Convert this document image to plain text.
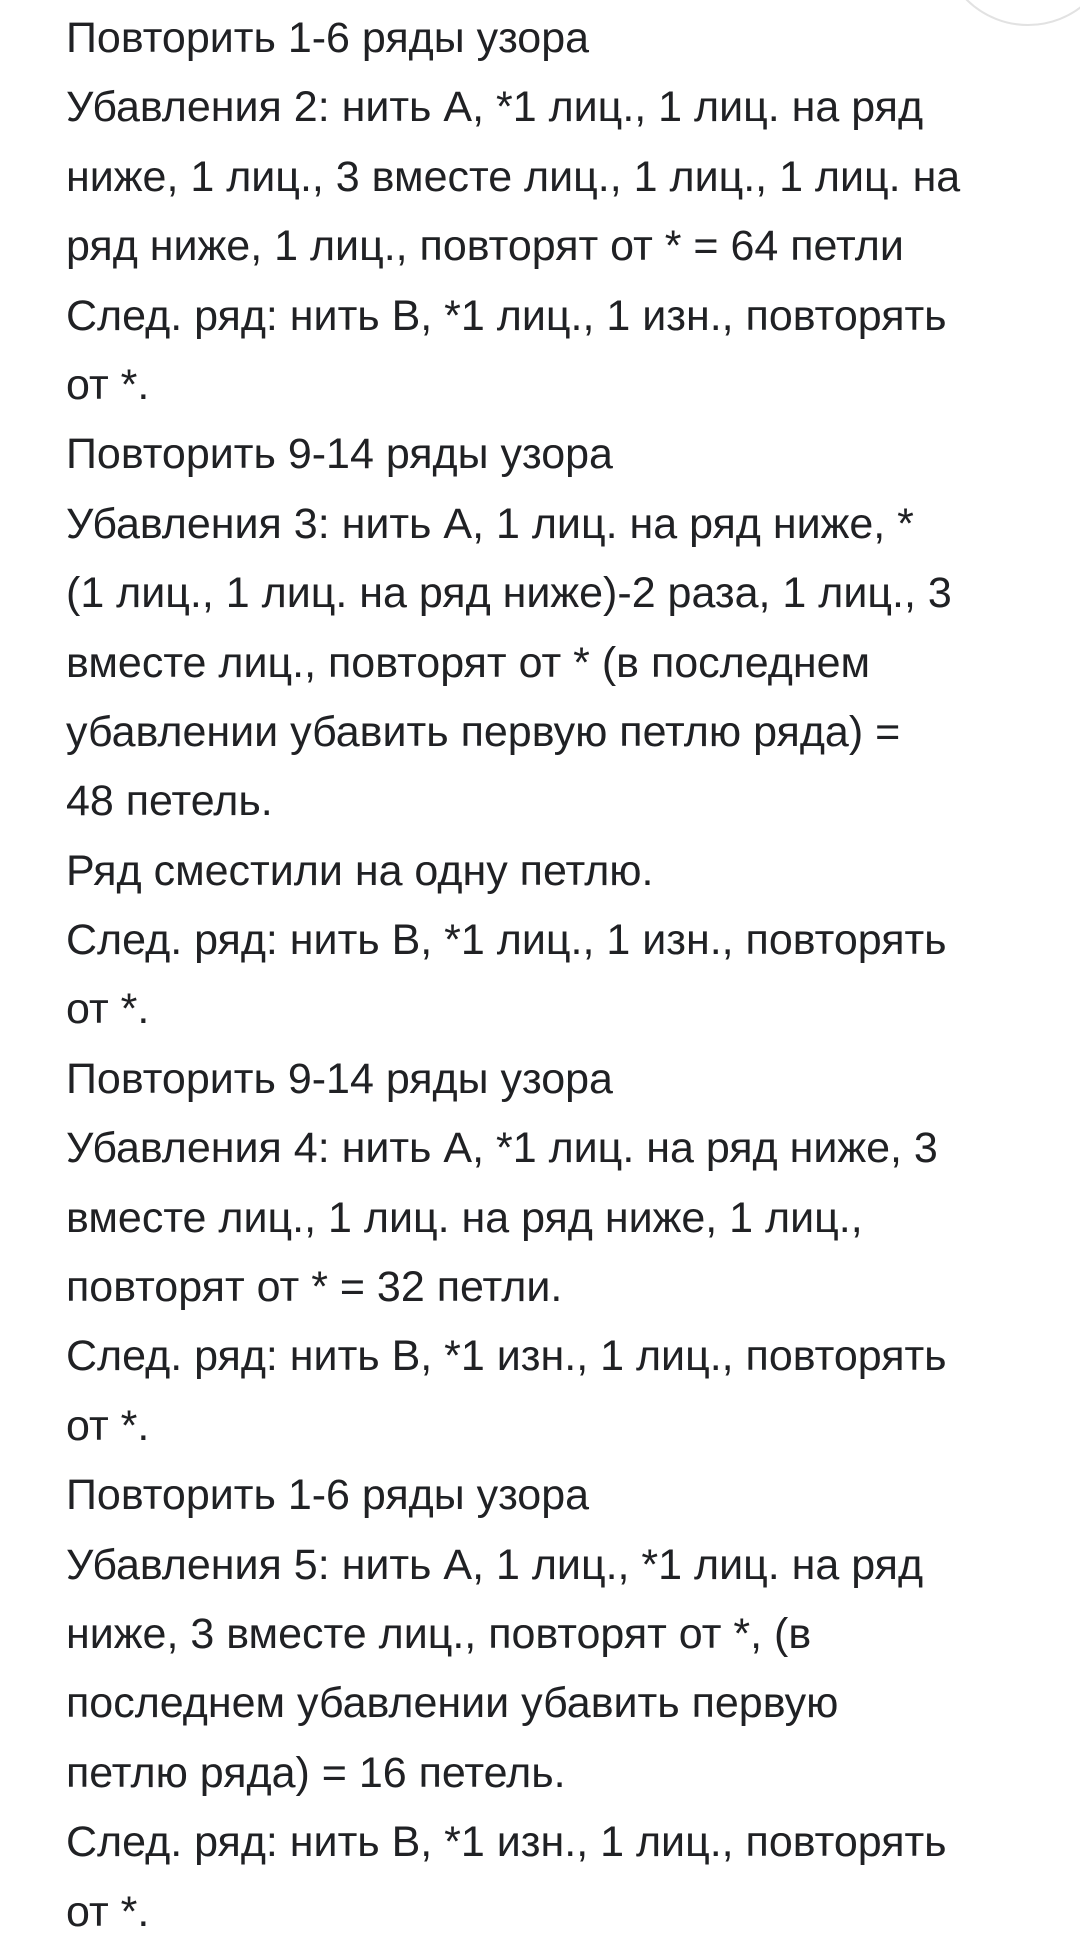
Повторить 1-6 ряды узора
Убавления 2: нить А, *1 лиц., 1 лиц. на ряд
ниже, 1 лиц., 3 вместе лиц., 1 лиц., 1 лиц. на
ряд ниже, 1 лиц., повторят от * = 64 петли
След. ряд: нить В, *1 лиц., 1 изн., повторять
от *.
Повторить 9-14 ряды узора
Убавления 3: нить А, 1 лиц. на ряд ниже, *
(1 лиц., 1 лиц. на ряд ниже)-2 раза, 1 лиц., 3
вместе лиц., повторят от * (в последнем
убавлении убавить первую петлю ряда) =
48 петель.
Ряд сместили на одну петлю.
След. ряд: нить В, *1 лиц., 1 изн., повторять
от *.
Повторить 9-14 ряды узора
Убавления 4: нить А, *1 лиц. на ряд ниже, 3
вместе лиц., 1 лиц. на ряд ниже, 1 лиц.,
повторят от * = 32 петли.
След. ряд: нить В, *1 изн., 1 лиц., повторять
от *.
Повторить 1-6 ряды узора
Убавления 5: нить А, 1 лиц., *1 лиц. на ряд
ниже, 3 вместе лиц., повторят от *, (в
последнем убавлении убавить первую
петлю ряда) = 16 петель.
След. ряд: нить В, *1 изн., 1 лиц., повторять
от *.
